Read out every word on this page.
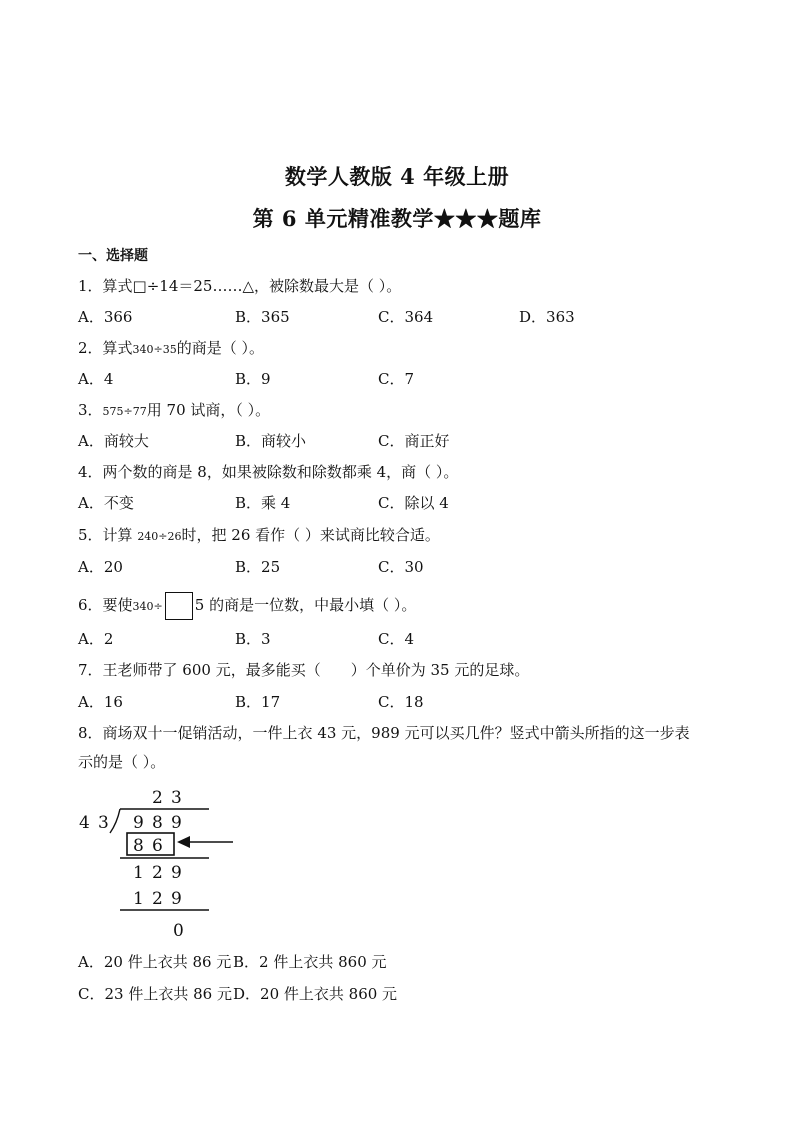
数学人教版 4 年级上册
第 6 单元精准教学★★★题库
一、选择题
1．算式□÷14＝25……△，被除数最大是（ ）。
A．366	B．365	C．364	D．363
2．算式340÷35的商是（ ）。
A．4	B．9	C．7
3．575÷77用 70 试商，（ ）。
A．商较大	B．商较小	C．商正好
4．两个数的商是 8，如果被除数和除数都乘 4，商（ ）。
A．不变	B．乘 4	C．除以 4
5．计算 240÷26时，把 26 看作（ ）来试商比较合适。
A．20	B．25	C．30
6．要使340÷ 5 的商是一位数，中最小填（ ）。
A．2	B．3	C．4
7．王老师带了 600 元，最多能买（　　）个单价为 35 元的足球。
A．16	B．17	C．18
8．商场双十一促销活动，一件上衣 43 元，989 元可以买几件？竖式中箭头所指的这一步表
示的是（ ）。
2 3
4 3 9 8 9
8 6
1 2 9
1 2 9
0
A．20 件上衣共 86 元 B．2 件上衣共 860 元
C．23 件上衣共 86 元 D．20 件上衣共 860 元
